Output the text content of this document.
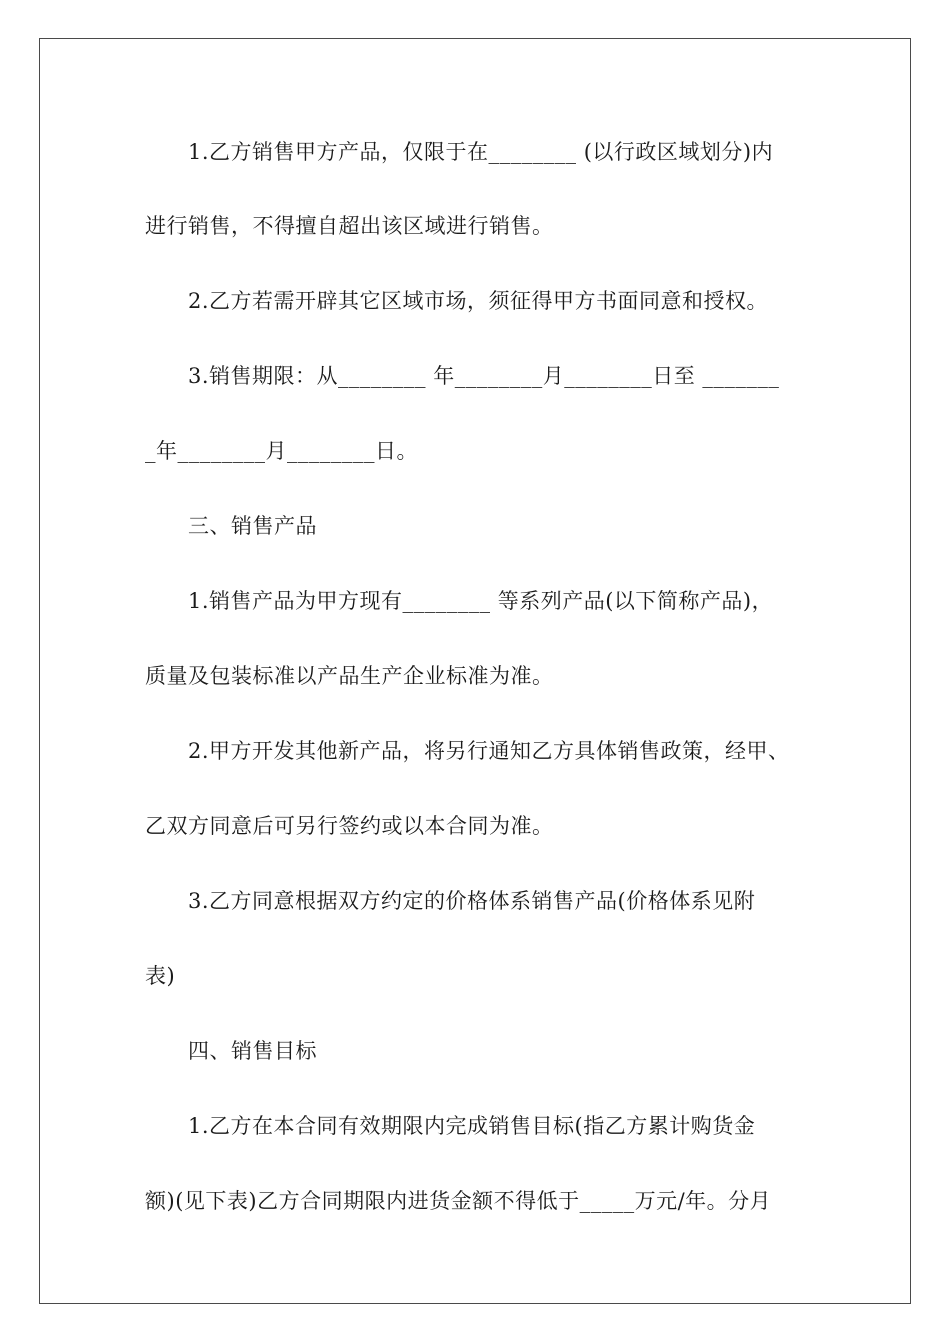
1.乙方销售甲方产品，仅限于在________ (以行政区域划分)内
进行销售，不得擅自超出该区域进行销售。
2.乙方若需开辟其它区域市场，须征得甲方书面同意和授权。
3.销售期限：从________ 年________月________日至 _______
_年________月________日。
三、销售产品
1.销售产品为甲方现有________ 等系列产品(以下简称产品)，
质量及包装标准以产品生产企业标准为准。
2.甲方开发其他新产品，将另行通知乙方具体销售政策，经甲、
乙双方同意后可另行签约或以本合同为准。
3.乙方同意根据双方约定的价格体系销售产品(价格体系见附
表)
四、销售目标
1.乙方在本合同有效期限内完成销售目标(指乙方累计购货金
额)(见下表)乙方合同期限内进货金额不得低于_____万元/年。分月
